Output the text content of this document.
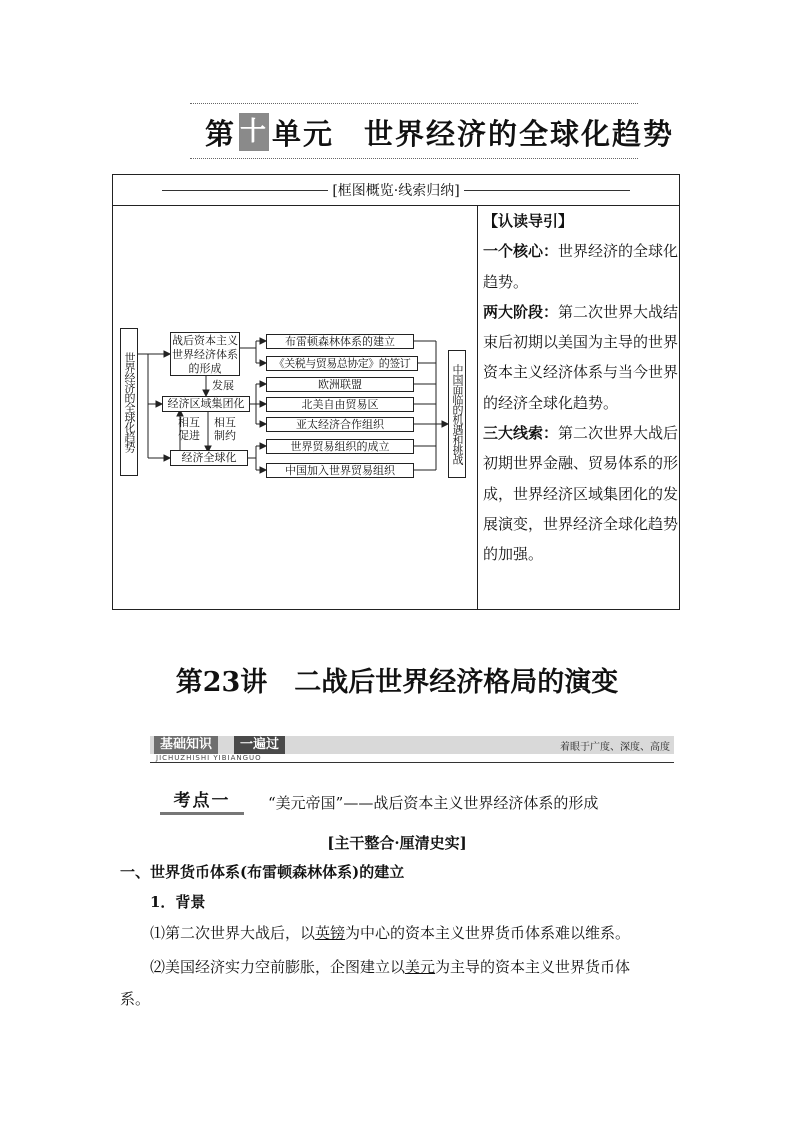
第 十 单元 世界经济的全球化趋势
[框图概览·线索归纳]
世界经济的全球化趋势
战后资本主义世界经济体系的形成
发展
经济区域集团化
相互促进
相互制约
经济全球化
布雷顿森林体系的建立
《关税与贸易总协定》的签订
欧洲联盟
北美自由贸易区
亚太经济合作组织
世界贸易组织的成立
中国加入世界贸易组织
中国面临的机遇和挑战

【认读导引】

一个核心：世界经济的全球化趋势。

两大阶段：第二次世界大战结束后初期以美国为主导的世界资本主义经济体系与当今世界的经济全球化趋势。

三大线索：第二次世界大战后初期世界金融、贸易体系的形成，世界经济区域集团化的发展演变，世界经济全球化趋势的加强。

第23讲　二战后世界经济格局的演变
基础知识	一遍过	着眼于广度、深度、高度
JICHUZHISHI YIBIANGUO
考点一	“美元帝国”——战后资本主义世界经济体系的形成
[主干整合·厘清史实]
一、世界货币体系(布雷顿森林体系)的建立
1．背景
⑴第二次世界大战后，以英镑为中心的资本主义世界货币体系难以维系。
⑵美国经济实力空前膨胀，企图建立以美元为主导的资本主义世界货币体
系。
